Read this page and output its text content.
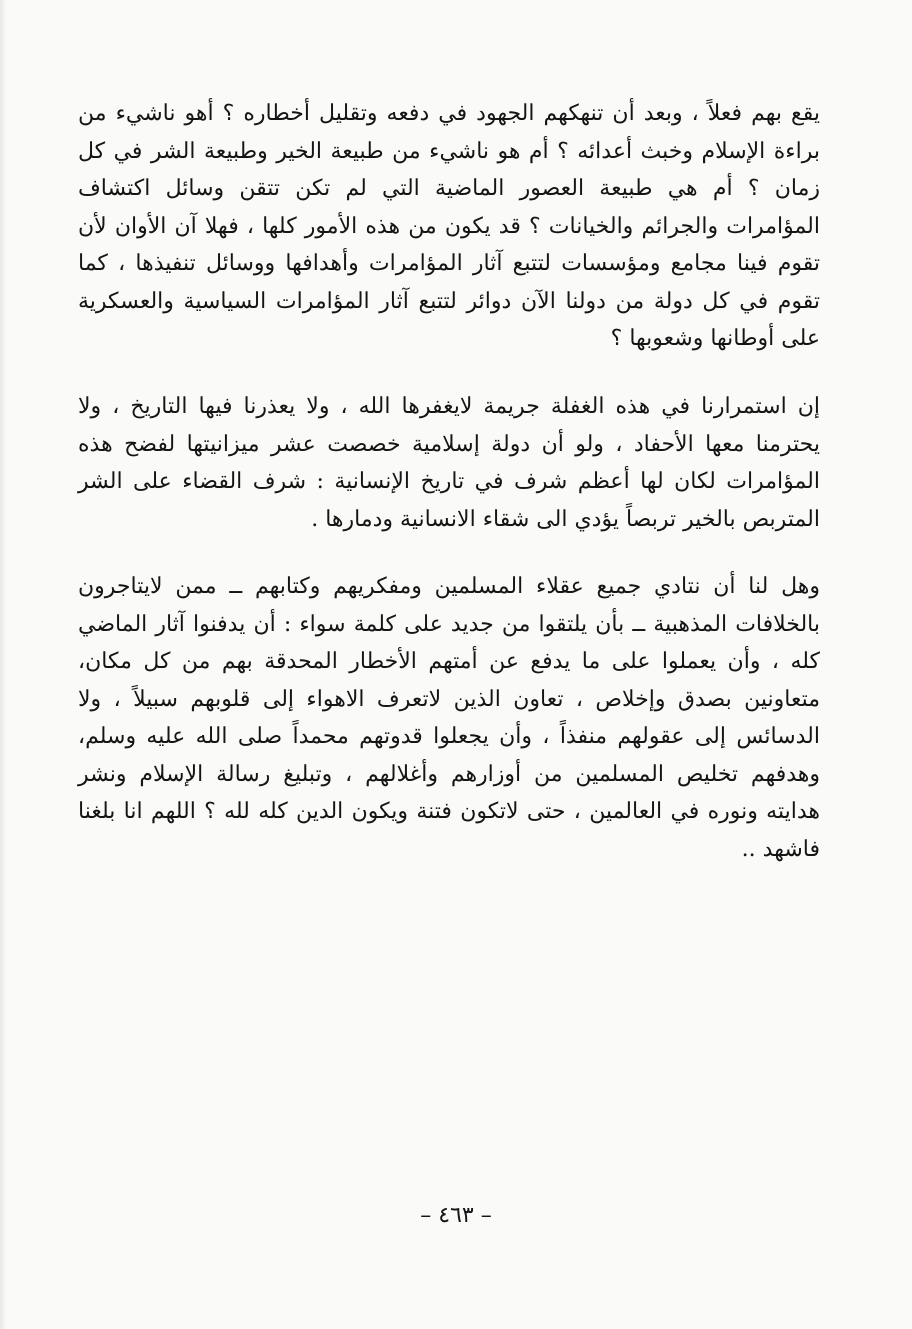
يقع بهم فعلاً ، وبعد أن تنهكهم الجهود في دفعه وتقليل أخطاره ؟ أهو ناشيء من براءة الإسلام وخبث أعدائه ؟ أم هو ناشيء من طبيعة الخير وطبيعة الشر في كل زمان ؟ أم هي طبيعة العصور الماضية التي لم تكن تتقن وسائل اكتشاف المؤامرات والجرائم والخيانات ؟ قد يكون من هذه الأمور كلها ، فهلا آن الأوان لأن تقوم فينا مجامع ومؤسسات لتتبع آثار المؤامرات وأهدافها ووسائل تنفيذها ، كما تقوم في كل دولة من دولنا الآن دوائر لتتبع آثار المؤامرات السياسية والعسكرية على أوطانها وشعوبها ؟

إن استمرارنا في هذه الغفلة جريمة لايغفرها الله ، ولا يعذرنا فيها التاريخ ، ولا يحترمنا معها الأحفاد ، ولو أن دولة إسلامية خصصت عشر ميزانيتها لفضح هذه المؤامرات لكان لها أعظم شرف في تاريخ الإنسانية : شرف القضاء على الشر المتربص بالخير تربصاً يؤدي الى شقاء الانسانية ودمارها .

وهل لنا أن نتادي جميع عقلاء المسلمين ومفكريهم وكتابهم ــ ممن لايتاجرون بالخلافات المذهبية ــ بأن يلتقوا من جديد على كلمة سواء : أن يدفنوا آثار الماضي كله ، وأن يعملوا على ما يدفع عن أمتهم الأخطار المحدقة بهم من كل مكان، متعاونين بصدق وإخلاص ، تعاون الذين لاتعرف الاهواء إلى قلوبهم سبيلاً ، ولا الدسائس إلى عقولهم منفذاً ، وأن يجعلوا قدوتهم محمداً صلى الله عليه وسلم، وهدفهم تخليص المسلمين من أوزارهم وأغلالهم ، وتبليغ رسالة الإسلام ونشر هدايته ونوره في العالمين ، حتى لاتكون فتنة ويكون الدين كله لله ؟ اللهم انا بلغنا فاشهد ..

– ٤٦٣ –
